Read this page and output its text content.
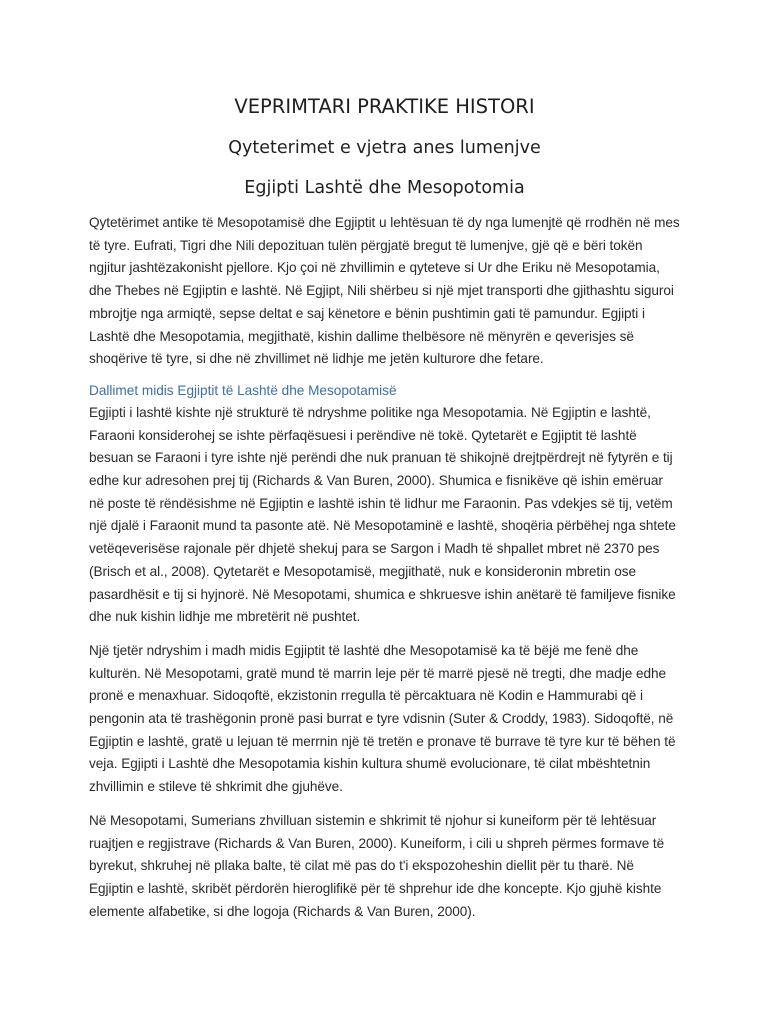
VEPRIMTARI PRAKTIKE HISTORI
Qyteterimet e vjetra anes lumenjve
Egjipti Lashtë dhe Mesopotomia

Qytetërimet antike të Mesopotamisë dhe Egjiptit u lehtësuan të dy nga lumenjtë që rrodhën në mes të tyre. Eufrati, Tigri dhe Nili depozituan tulën përgjatë bregut të lumenjve, gjë që e bëri tokën ngjitur jashtëzakonisht pjellore. Kjo çoi në zhvillimin e qyteteve si Ur dhe Eriku në Mesopotamia, dhe Thebes në Egjiptin e lashtë. Në Egjipt, Nili shërbeu si një mjet transporti dhe gjithashtu siguroi mbrojtje nga armiqtë, sepse deltat e saj kënetore e bënin pushtimin gati të pamundur. Egjipti i Lashtë dhe Mesopotamia, megjithatë, kishin dallime thelbësore në mënyrën e qeverisjes së shoqërive të tyre, si dhe në zhvillimet në lidhje me jetën kulturore dhe fetare.

Dallimet midis Egjiptit të Lashtë dhe Mesopotamisë

Egjipti i lashtë kishte një strukturë të ndryshme politike nga Mesopotamia. Në Egjiptin e lashtë, Faraoni konsiderohej se ishte përfaqësuesi i perëndive në tokë. Qytetarët e Egjiptit të lashtë besuan se Faraoni i tyre ishte një perëndi dhe nuk pranuan të shikojnë drejtpërdrejt në fytyrën e tij edhe kur adresohen prej tij (Richards & Van Buren, 2000). Shumica e fisnikëve që ishin emëruar në poste të rëndësishme në Egjiptin e lashtë ishin të lidhur me Faraonin. Pas vdekjes së tij, vetëm një djalë i Faraonit mund ta pasonte atë. Në Mesopotaminë e lashtë, shoqëria përbëhej nga shtete vetëqeverisëse rajonale për dhjetë shekuj para se Sargon i Madh të shpallet mbret në 2370 pes (Brisch et al., 2008). Qytetarët e Mesopotamisë, megjithatë, nuk e konsideronin mbretin ose pasardhësit e tij si hyjnorë. Në Mesopotami, shumica e shkruesve ishin anëtarë të familjeve fisnike dhe nuk kishin lidhje me mbretërit në pushtet.

Një tjetër ndryshim i madh midis Egjiptit të lashtë dhe Mesopotamisë ka të bëjë me fenë dhe kulturën. Në Mesopotami, gratë mund të marrin leje për të marrë pjesë në tregti, dhe madje edhe pronë e menaxhuar. Sidoqoftë, ekzistonin rregulla të përcaktuara në Kodin e Hammurabi që i pengonin ata të trashëgonin pronë pasi burrat e tyre vdisnin (Suter & Croddy, 1983). Sidoqoftë, në Egjiptin e lashtë, gratë u lejuan të merrnin një të tretën e pronave të burrave të tyre kur të bëhen të veja. Egjipti i Lashtë dhe Mesopotamia kishin kultura shumë evolucionare, të cilat mbështetnin zhvillimin e stileve të shkrimit dhe gjuhëve.

Në Mesopotami, Sumerians zhvilluan sistemin e shkrimit të njohur si kuneiform për të lehtësuar ruajtjen e regjistrave (Richards & Van Buren, 2000). Kuneiform, i cili u shpreh përmes formave të byrekut, shkruhej në pllaka balte, të cilat më pas do t'i ekspozoheshin diellit për tu tharë. Në Egjiptin e lashtë, skribët përdorën hieroglifikë për të shprehur ide dhe koncepte. Kjo gjuhë kishte elemente alfabetike, si dhe logoja (Richards & Van Buren, 2000).
